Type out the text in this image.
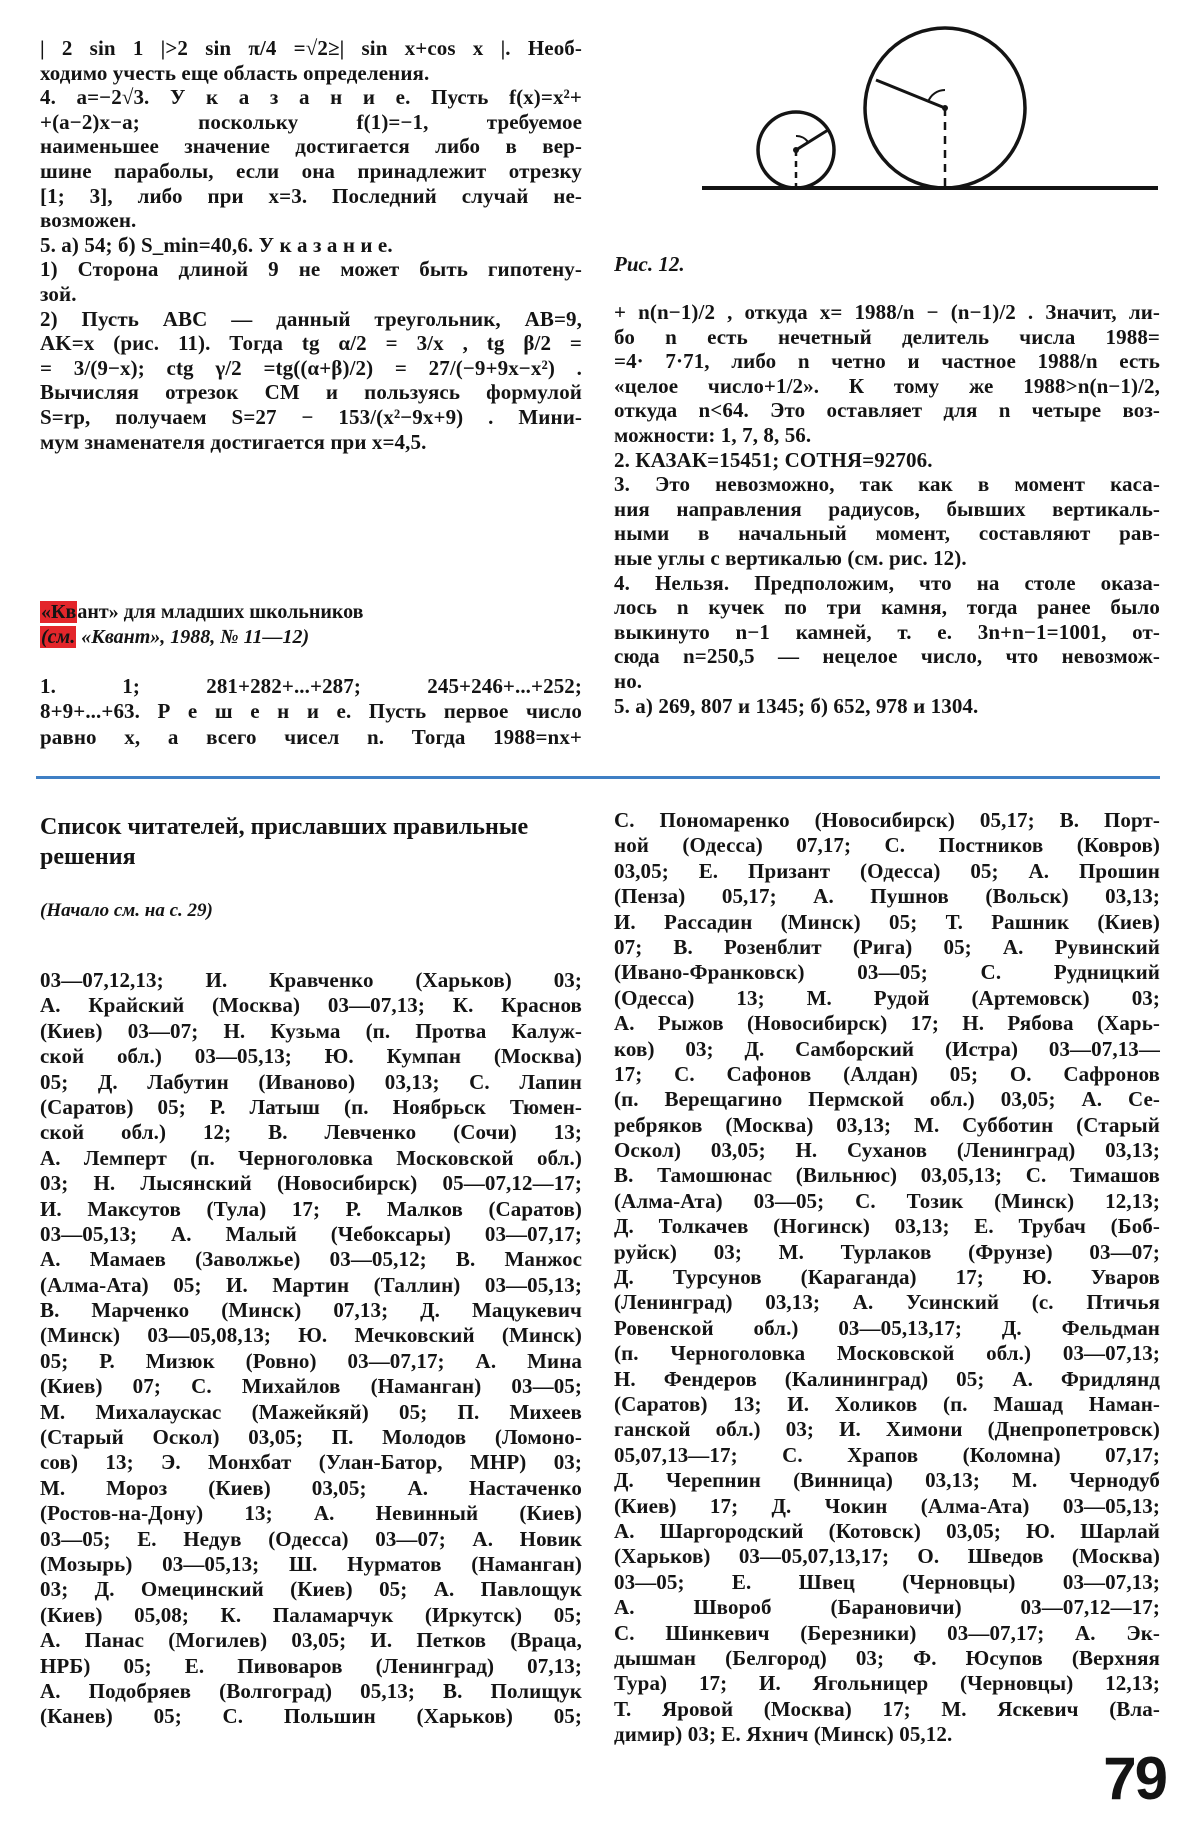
Рис. 12.

| 2 sin 1 |>2 sin π/4 =√2≥| sin x+cos x |. Необ-

ходимо учесть еще область определения.

4. a=−2√3. У к а з а н и е. Пусть f(x)=x²+

+(a−2)x−a; поскольку f(1)=−1, требуемое

наименьшее значение достигается либо в вер-

шине параболы, если она принадлежит отрезку

[1; 3], либо при x=3. Последний случай не-

возможен.

5. а) 54; б) S_min=40,6. У к а з а н и е.

1) Сторона длиной 9 не может быть гипотену-

зой.

2) Пусть ABC — данный треугольник, AB=9,

AK=x (рис. 11). Тогда tg α/2 = 3/x , tg β/2 =

= 3/(9−x); ctg γ/2 =tg((α+β)/2) = 27/(−9+9x−x²) .

Вычисляя отрезок CM и пользуясь формулой

S=rp, получаем S=27 − 153/(x²−9x+9) . Мини-

мум знаменателя достигается при x=4,5.

«Квант» для младших школьников

(см. «Квант», 1988, № 11—12)

1. 1; 281+282+...+287; 245+246+...+252;

8+9+...+63. Р е ш е н и е. Пусть первое число

равно x, а всего чисел n. Тогда 1988=nx+

+ n(n−1)/2 , откуда x= 1988/n − (n−1)/2 . Значит, ли-

бо n есть нечетный делитель числа 1988=

=4· 7·71, либо n четно и частное 1988/n есть

«целое число+1/2». К тому же 1988>n(n−1)/2,

откуда n<64. Это оставляет для n четыре воз-

можности: 1, 7, 8, 56.

2. КАЗАК=15451; СОТНЯ=92706.

3. Это невозможно, так как в момент каса-

ния направления радиусов, бывших вертикаль-

ными в начальный момент, составляют рав-

ные углы с вертикалью (см. рис. 12).

4. Нельзя. Предположим, что на столе оказа-

лось n кучек по три камня, тогда ранее было

выкинуто n−1 камней, т. е. 3n+n−1=1001, от-

сюда n=250,5 — нецелое число, что невозмож-

но.

5. а) 269, 807 и 1345; б) 652, 978 и 1304.

Список читателей, приславших правильные решения
(Начало см. на с. 29)

03—07,12,13; И. Кравченко (Харьков) 03;

А. Крайский (Москва) 03—07,13; К. Краснов

(Киев) 03—07; Н. Кузьма (п. Протва Калуж-

ской обл.) 03—05,13; Ю. Кумпан (Москва)

05; Д. Лабутин (Иваново) 03,13; С. Лапин

(Саратов) 05; Р. Латыш (п. Ноябрьск Тюмен-

ской обл.) 12; В. Левченко (Сочи) 13;

А. Лемперт (п. Черноголовка Московской обл.)

03; Н. Лысянский (Новосибирск) 05—07,12—17;

И. Максутов (Тула) 17; Р. Малков (Саратов)

03—05,13; А. Малый (Чебоксары) 03—07,17;

А. Мамаев (Заволжье) 03—05,12; В. Манжос

(Алма-Ата) 05; И. Мартин (Таллин) 03—05,13;

В. Марченко (Минск) 07,13; Д. Мацукевич

(Минск) 03—05,08,13; Ю. Мечковский (Минск)

05; Р. Мизюк (Ровно) 03—07,17; А. Мина

(Киев) 07; С. Михайлов (Наманган) 03—05;

М. Михалаускас (Мажейкяй) 05; П. Михеев

(Старый Оскол) 03,05; П. Молодов (Ломоно-

сов) 13; Э. Монхбат (Улан-Батор, МНР) 03;

М. Мороз (Киев) 03,05; А. Настаченко

(Ростов-на-Дону) 13; А. Невинный (Киев)

03—05; Е. Недув (Одесса) 03—07; А. Новик

(Мозырь) 03—05,13; Ш. Нурматов (Наманган)

03; Д. Омецинский (Киев) 05; А. Павлощук

(Киев) 05,08; К. Паламарчук (Иркутск) 05;

А. Панас (Могилев) 03,05; И. Петков (Враца,

НРБ) 05; Е. Пивоваров (Ленинград) 07,13;

А. Подобряев (Волгоград) 05,13; В. Полищук

(Канев) 05; С. Польшин (Харьков) 05;

С. Пономаренко (Новосибирск) 05,17; В. Порт-

ной (Одесса) 07,17; С. Постников (Ковров)

03,05; Е. Призант (Одесса) 05; А. Прошин

(Пенза) 05,17; А. Пушнов (Вольск) 03,13;

И. Рассадин (Минск) 05; Т. Рашник (Киев)

07; В. Розенблит (Рига) 05; А. Рувинский

(Ивано-Франковск) 03—05; С. Рудницкий

(Одесса) 13; М. Рудой (Артемовск) 03;

А. Рыжов (Новосибирск) 17; Н. Рябова (Харь-

ков) 03; Д. Самборский (Истра) 03—07,13—

17; С. Сафонов (Алдан) 05; О. Сафронов

(п. Верещагино Пермской обл.) 03,05; А. Се-

ребряков (Москва) 03,13; М. Субботин (Старый

Оскол) 03,05; Н. Суханов (Ленинград) 03,13;

В. Тамошюнас (Вильнюс) 03,05,13; С. Тимашов

(Алма-Ата) 03—05; С. Тозик (Минск) 12,13;

Д. Толкачев (Ногинск) 03,13; Е. Трубач (Боб-

руйск) 03; М. Турлаков (Фрунзе) 03—07;

Д. Турсунов (Караганда) 17; Ю. Уваров

(Ленинград) 03,13; А. Усинский (с. Птичья

Ровенской обл.) 03—05,13,17; Д. Фельдман

(п. Черноголовка Московской обл.) 03—07,13;

Н. Фендеров (Калининград) 05; А. Фридлянд

(Саратов) 13; И. Холиков (п. Машад Наман-

ганской обл.) 03; И. Химони (Днепропетровск)

05,07,13—17; С. Храпов (Коломна) 07,17;

Д. Черепнин (Винница) 03,13; М. Чернодуб

(Киев) 17; Д. Чокин (Алма-Ата) 03—05,13;

А. Шаргородский (Котовск) 03,05; Ю. Шарлай

(Харьков) 03—05,07,13,17; О. Шведов (Москва)

03—05; Е. Швец (Черновцы) 03—07,13;

А. Швороб (Барановичи) 03—07,12—17;

С. Шинкевич (Березники) 03—07,17; А. Эк-

дышман (Белгород) 03; Ф. Юсупов (Верхняя

Тура) 17; И. Ягольницер (Черновцы) 12,13;

Т. Яровой (Москва) 17; М. Яскевич (Вла-

димир) 03; Е. Яхнич (Минск) 05,12.

79
